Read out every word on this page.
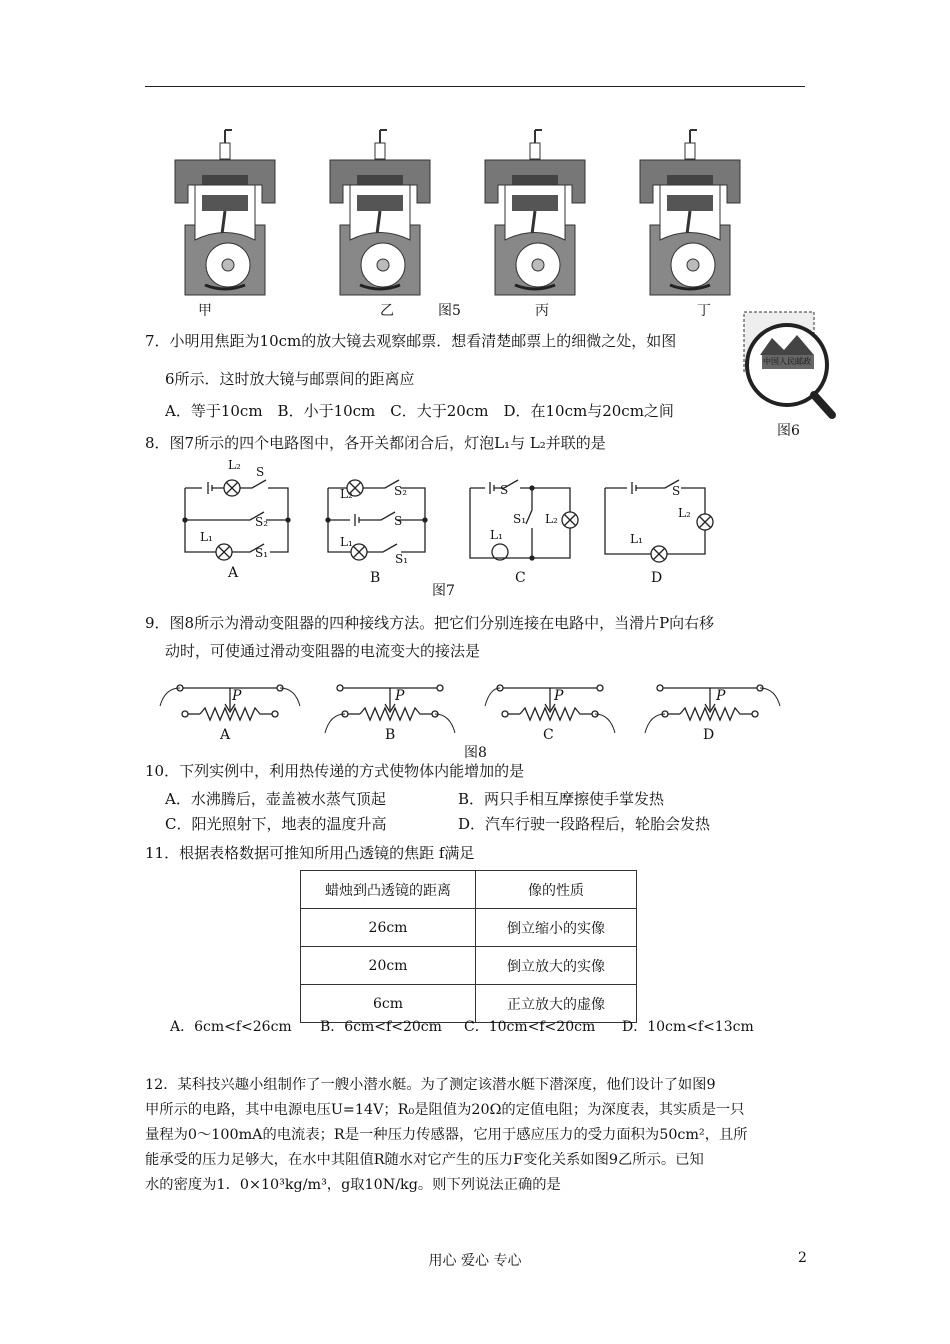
甲	乙	图5	丙	丁
7．小明用焦距为10cm的放大镜去观察邮票．想看清楚邮票上的细微之处，如图
6所示．这时放大镜与邮票间的距离应
A．等于10cm　B．小于10cm　C．大于20cm　D．在10cm与20cm之间
中国人民邮政
图6
8．图7所示的四个电路图中，各开关都闭合后，灯泡L₁与 L₂并联的是
L₂ S
S₂
L₁
S₁
A
L₂	S₂
S
L₁
S₁
B
S
S₁ L₂
L₁
C
S
L₂
L₁
D
图7
9．图8所示为滑动变阻器的四种接线方法。把它们分别连接在电路中，当滑片P向右移
动时，可使通过滑动变阻器的电流变大的接法是
P	P	P	P
A	B	C	D
图8
10．下列实例中，利用热传递的方式使物体内能增加的是
A．水沸腾后，壶盖被水蒸气顶起	B．两只手相互摩擦使手掌发热
C．阳光照射下，地表的温度升高	D．汽车行驶一段路程后，轮胎会发热
11．根据表格数据可推知所用凸透镜的焦距 f满足
蜡烛到凸透镜的距离	像的性质
26cm	倒立缩小的实像
20cm	倒立放大的实像
6cm	正立放大的虚像
A．6cm<f<26cm B．6cm<f<20cm C．10cm<f<20cm D．10cm<f<13cm
12．某科技兴趣小组制作了一艘小潜水艇。为了测定该潜水艇下潜深度，他们设计了如图9
甲所示的电路，其中电源电压U=14V；R₀是阻值为20Ω的定值电阻；为深度表，其实质是一只
量程为0～100mA的电流表；R是一种压力传感器，它用于感应压力的受力面积为50cm²，且所
能承受的压力足够大，在水中其阻值R随水对它产生的压力F变化关系如图9乙所示。已知
水的密度为1．0×10³kg/m³，g取10N/kg。则下列说法正确的是
用心 爱心 专心	2
